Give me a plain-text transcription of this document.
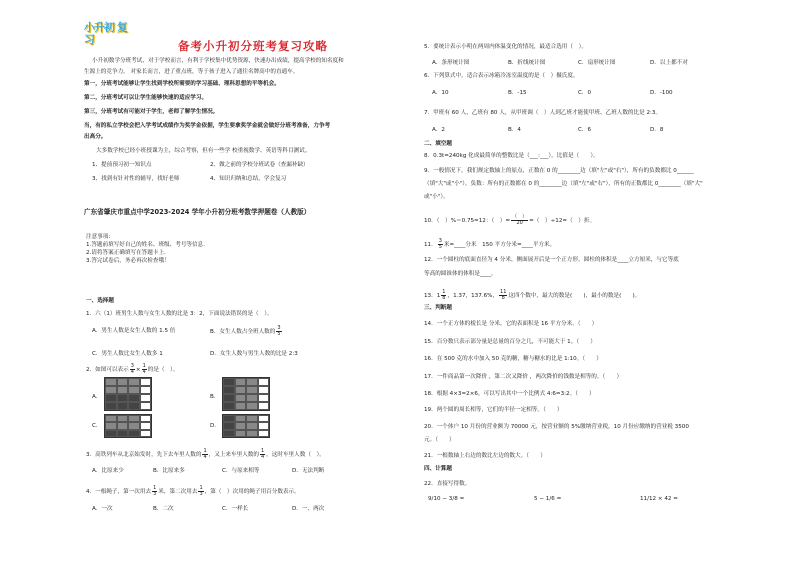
小升初 复习	备考小升初分班考复习攻略
小升初数学分班考试，对于学校而言，有利于学校集中优势资源，快速办出成绩，提高学校的知名度和
生源上的竞争力。 对家长而言，进了重点班，等于孩子进入了通往名牌高中的直通车。
第一，分班考试能够让学生找到学校所需要的学习基础、理科思想的平等机会。
第二，分班考试可以让学生能够快速的适应学习。
第三，分班考试有可能对于学生，老师了解学生情况。
当，有的私立学校会把入学考试成绩作为奖学金依据，学生要拿奖学金就会做好分班考准备，力争考
出高分。
大多数学校已经小班授课为主，综合考察，但有一些学 校重视数学、英语等科目测试。
1、提前预习初一知识点	2、做之前的学校分班试卷（查漏补缺）
3、找到有针对性的辅导，找好老师	4、知识归纳和总结，学会复习
广东省肇庆市重点中学2023-2024 学年小升初分班考数学押题卷（人教版）
注意事项:
1.答题前填写好自己的姓名、班级、考号等信息.
2.请将答案正确填写在答题卡上.
3.答完试卷后，务必再次检查哦！
一、选择题
1．六（1）班男生人数与女生人数的比是 3：2，下面说法错误的是（　）。
A．男生人数是女生人数的 1.5 倍	B．女生人数占全班人数的 $\frac{3}{5}$
C．男生人数比女生人数多 1	D．女生人数与男生人数的比是 2:3
2．如图可以表示 $\frac{3}{4} \times \frac{1}{4}$ 的是（　）。
A．	B．
C．	D．
3．高铁列车从北京始发时，先下去车里人数的 $\frac{1}{4}$ ，又上来车里人数的 $\frac{1}{4}$ ，这时车里人数（　）。
A．比原来少	B．比原来多	C．与原来相等	D．无法判断
4．一根绳子，第一次用去 $\frac{1}{3}$ 米，第二次用去 $\frac{1}{3}$ ，第（　）次用的绳子用百分数表示。
A．一次	B．二次	C．一样长	D．一、两次
5．要统计表示小明在两周内体温变化的情况，最适合选用（　）。
A．条形统计图	B．折线统计图	C．扇形统计图	D．以上都不对
6．下列算式中，适合表示冰箱冷冻室温度的是（　）摄氏度。
A．10	B．-15	C．0	D．-100
7．甲班有 60 人，乙班有 80 人，从甲班调（　）人到乙班才能使甲班、乙班人数的比是 2:3。
A．2	B．4	C．6	D．8
二、填空题
8．0.3t=240kg 化成最简单的整数比是（___:___），比值是（　　）。
9．一般情况下，我们规定数轴上的原点，正数在 0 的________边（填"左"或"右"），所有的负数都比 0______
（填"大"或"小"）。负数：所有的正数都在 0 的________边（填"左"或"右"），所有的正数都比 0________（填"大"
或"小"）。
10．（　）%＝0.75=12：（　）= $\frac{( )}{20}$ =（　）÷12=（　）折。
11． $\frac{3}{5}$ 米=____分米　150 平方分米=____平方米。
12．一个圆柱的底面直径为 4 分米，侧面展开后是一个正方形，圆柱的体积是____立方厘米，与它等底
等高的圆锥体的体积是____。
13．$1 \frac{1}{8}$ ，1.37，137.6%， $\frac{11}{8}$ 这四个数中，最大的数是(　　)，最小的数是(　　)。
三、判断题
14．一个正方体的棱长是 分米，它的表面积是 16 平方分米。（　　）
15．百分数只表示部分量是总量的百分之几，不可能大于 1。（　　）
16．在 500 克的水中加入 50 克的糖，糖与糖水的比是 1:10。（　　）
17．一件商品第一次降价 ，第二次又降价 ，两次降价的钱数是相等的。（　　）
18．根据 4×3=2×6，可以写出其中一个比例式 4:6=3:2。（　　）
19．两个圆的周长相等，它们的半径一定相等。（　　）
20．一个体户 10 月份的营业额为 70000 元，按营业额的 5%缴纳营业税，10 月份应缴纳的营业税 3500
元。（　　）
21．一根数轴上右边的数比左边的数大。（　　）
四、计算题
22．直接写得数。
9/10 − 3/8 =	5 − 1/6 =	11/12 × 42 =
